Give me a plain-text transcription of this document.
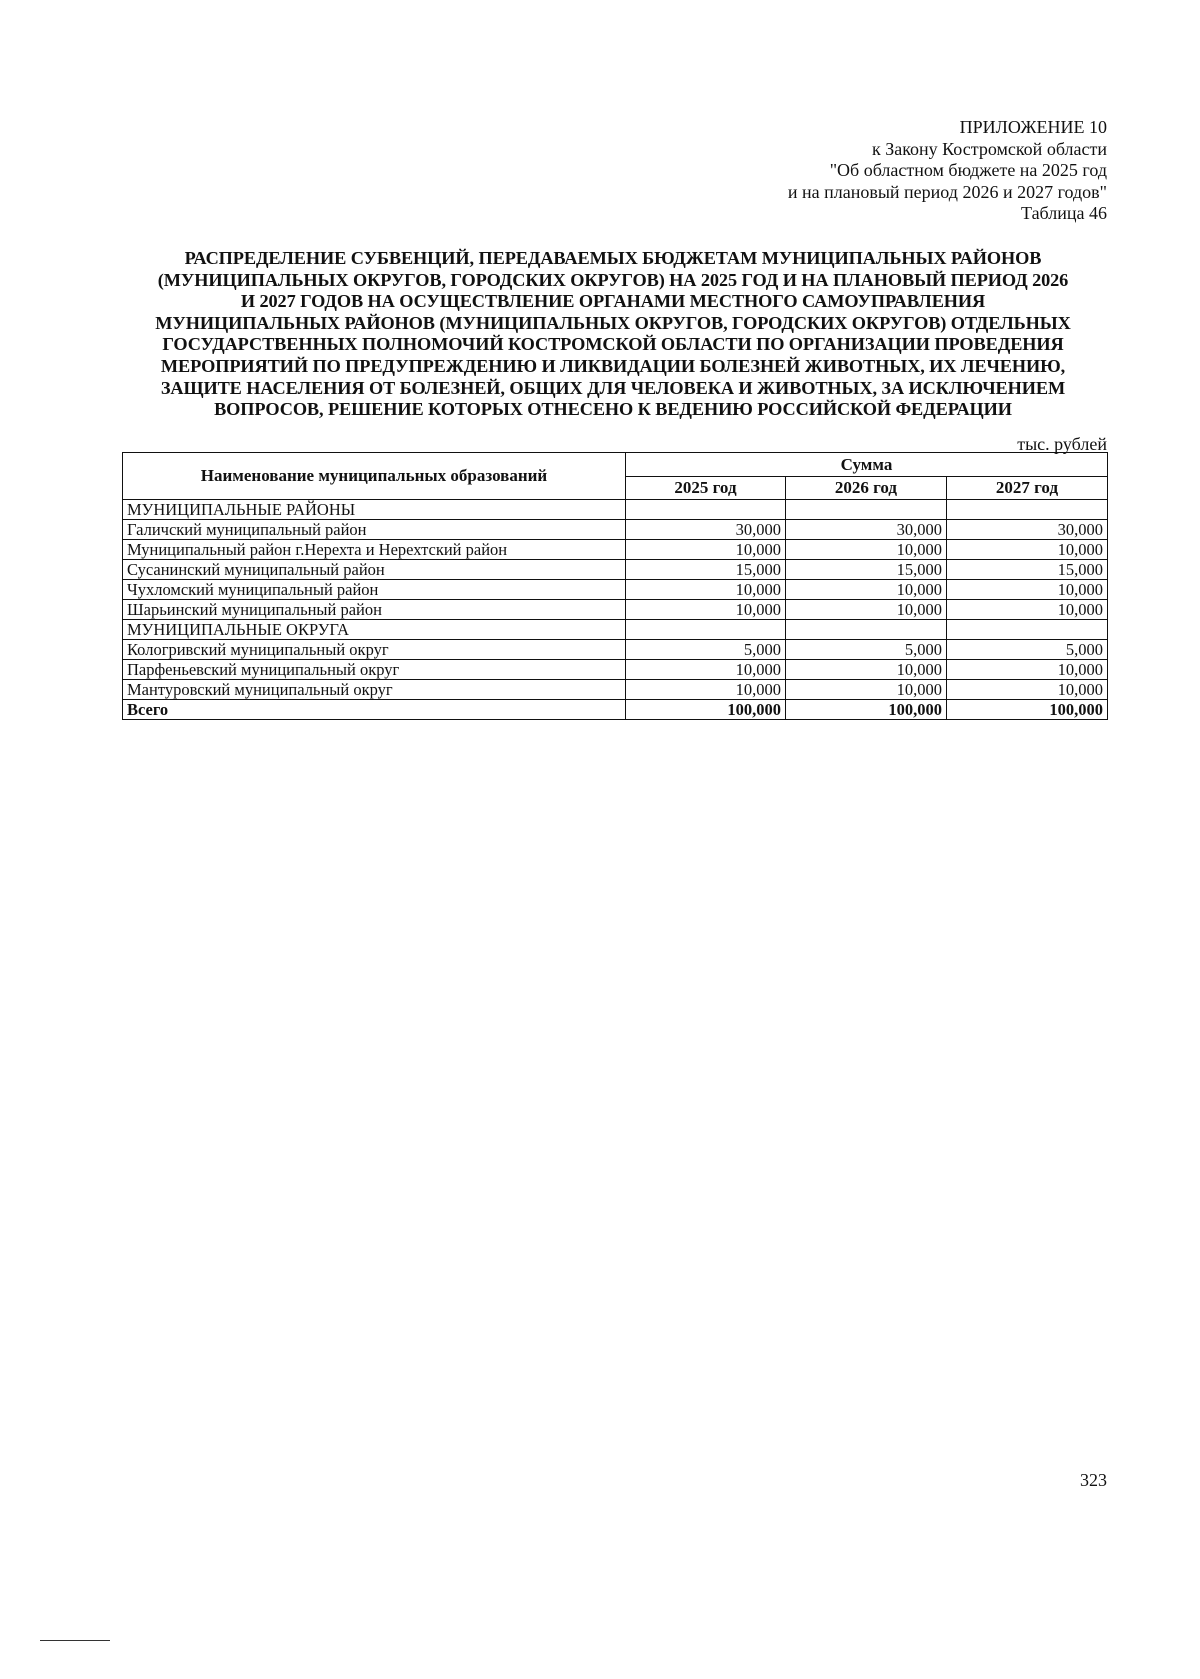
ПРИЛОЖЕНИЕ 10
к Закону Костромской области
"Об областном бюджете на 2025 год
и на плановый период 2026 и 2027 годов"
Таблица 46
РАСПРЕДЕЛЕНИЕ СУБВЕНЦИЙ, ПЕРЕДАВАЕМЫХ БЮДЖЕТАМ МУНИЦИПАЛЬНЫХ РАЙОНОВ
(МУНИЦИПАЛЬНЫХ ОКРУГОВ, ГОРОДСКИХ ОКРУГОВ) НА 2025 ГОД И НА ПЛАНОВЫЙ ПЕРИОД 2026
И 2027 ГОДОВ НА ОСУЩЕСТВЛЕНИЕ ОРГАНАМИ МЕСТНОГО САМОУПРАВЛЕНИЯ
МУНИЦИПАЛЬНЫХ РАЙОНОВ (МУНИЦИПАЛЬНЫХ ОКРУГОВ, ГОРОДСКИХ ОКРУГОВ) ОТДЕЛЬНЫХ
ГОСУДАРСТВЕННЫХ ПОЛНОМОЧИЙ КОСТРОМСКОЙ ОБЛАСТИ ПО ОРГАНИЗАЦИИ ПРОВЕДЕНИЯ
МЕРОПРИЯТИЙ ПО ПРЕДУПРЕЖДЕНИЮ И ЛИКВИДАЦИИ БОЛЕЗНЕЙ ЖИВОТНЫХ, ИХ ЛЕЧЕНИЮ,
ЗАЩИТЕ НАСЕЛЕНИЯ ОТ БОЛЕЗНЕЙ, ОБЩИХ ДЛЯ ЧЕЛОВЕКА И ЖИВОТНЫХ, ЗА ИСКЛЮЧЕНИЕМ
ВОПРОСОВ, РЕШЕНИЕ КОТОРЫХ ОТНЕСЕНО К ВЕДЕНИЮ РОССИЙСКОЙ ФЕДЕРАЦИИ
тыс. рублей
Наименование муниципальных образований	Сумма		
	2025 год	2026 год	2027 год
МУНИЦИПАЛЬНЫЕ РАЙОНЫ			
Галичский муниципальный район	30,000	30,000	30,000
Муниципальный район г.Нерехта и Нерехтский район	10,000	10,000	10,000
Сусанинский муниципальный район	15,000	15,000	15,000
Чухломский муниципальный район	10,000	10,000	10,000
Шарьинский муниципальный район	10,000	10,000	10,000
МУНИЦИПАЛЬНЫЕ ОКРУГА			
Кологривский муниципальный округ	5,000	5,000	5,000
Парфеньевский муниципальный округ	10,000	10,000	10,000
Мантуровский муниципальный округ	10,000	10,000	10,000
Всего	100,000	100,000	100,000
323
